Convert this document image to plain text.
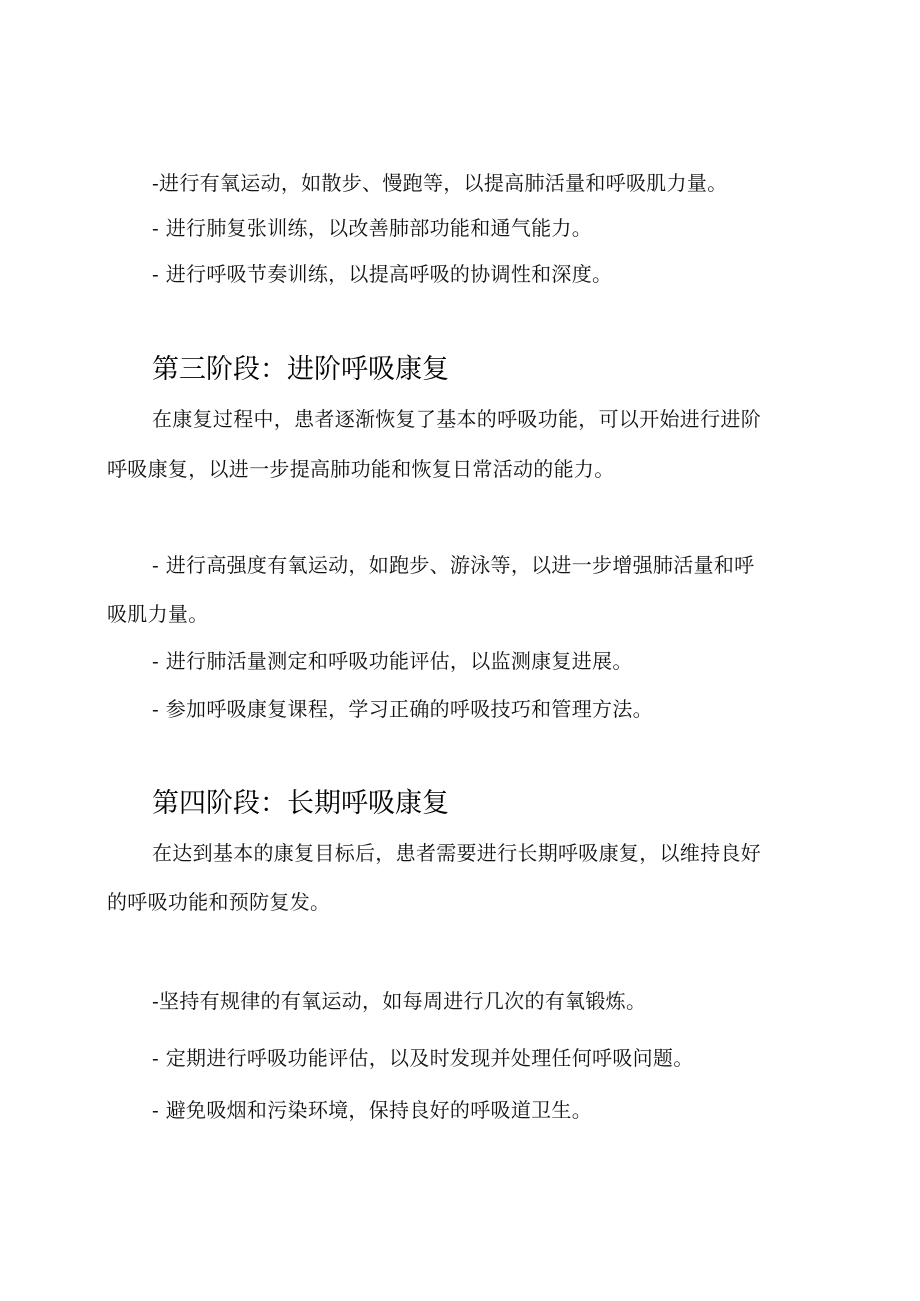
-进行有氧运动，如散步、慢跑等，以提高肺活量和呼吸肌力量。
- 进行肺复张训练，以改善肺部功能和通气能力。
- 进行呼吸节奏训练，以提高呼吸的协调性和深度。
第三阶段：进阶呼吸康复
在康复过程中，患者逐渐恢复了基本的呼吸功能，可以开始进行进阶
呼吸康复，以进一步提高肺功能和恢复日常活动的能力。
- 进行高强度有氧运动，如跑步、游泳等，以进一步增强肺活量和呼
吸肌力量。
- 进行肺活量测定和呼吸功能评估，以监测康复进展。
- 参加呼吸康复课程，学习正确的呼吸技巧和管理方法。
第四阶段：长期呼吸康复
在达到基本的康复目标后，患者需要进行长期呼吸康复，以维持良好
的呼吸功能和预防复发。
-坚持有规律的有氧运动，如每周进行几次的有氧锻炼。
- 定期进行呼吸功能评估，以及时发现并处理任何呼吸问题。
- 避免吸烟和污染环境，保持良好的呼吸道卫生。
